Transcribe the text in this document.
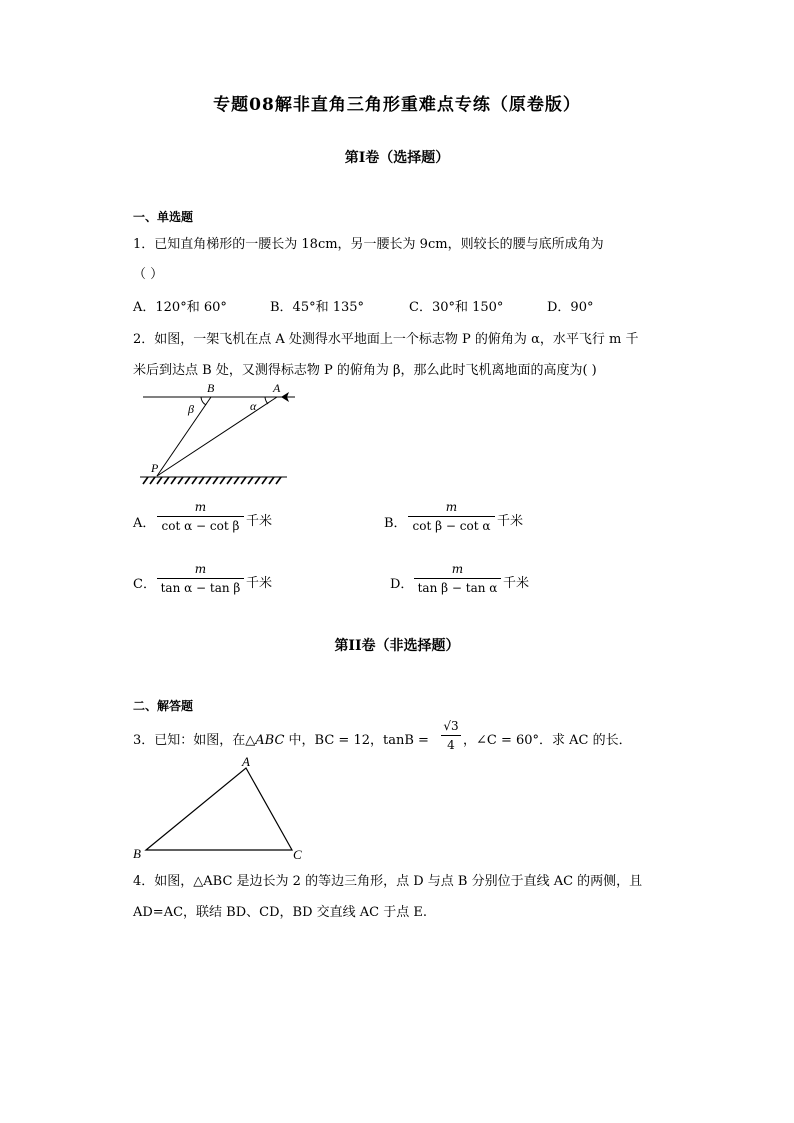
专题08解非直角三角形重难点专练（原卷版）
第I卷（选择题）
一、单选题
1．已知直角梯形的一腰长为 18cm，另一腰长为 9cm，则较长的腰与底所成角为
（ ）
A．120°和 60°	B．45°和 135°	C．30°和 150°	D．90°
2．如图，一架飞机在点 A 处测得水平地面上一个标志物 P 的俯角为 α，水平飞行 m 千
米后到达点 B 处，又测得标志物 P 的俯角为 β，那么此时飞机离地面的高度为( )
B	A
β	α
P
A．
m
cot α − cot β 千米	B．
m
cot β − cot α 千米
C．
m
tan α − tan β 千米	D．
m
tan β − tan α 千米
第II卷（非选择题）
二、解答题
3．已知：如图，在△ABC 中，BC = 12，tanB =
√3
4 ，∠C = 60°．求 AC 的长．
A
B	C
4．如图，△ABC 是边长为 2 的等边三角形，点 D 与点 B 分别位于直线 AC 的两侧，且
AD=AC，联结 BD、CD，BD 交直线 AC 于点 E.
